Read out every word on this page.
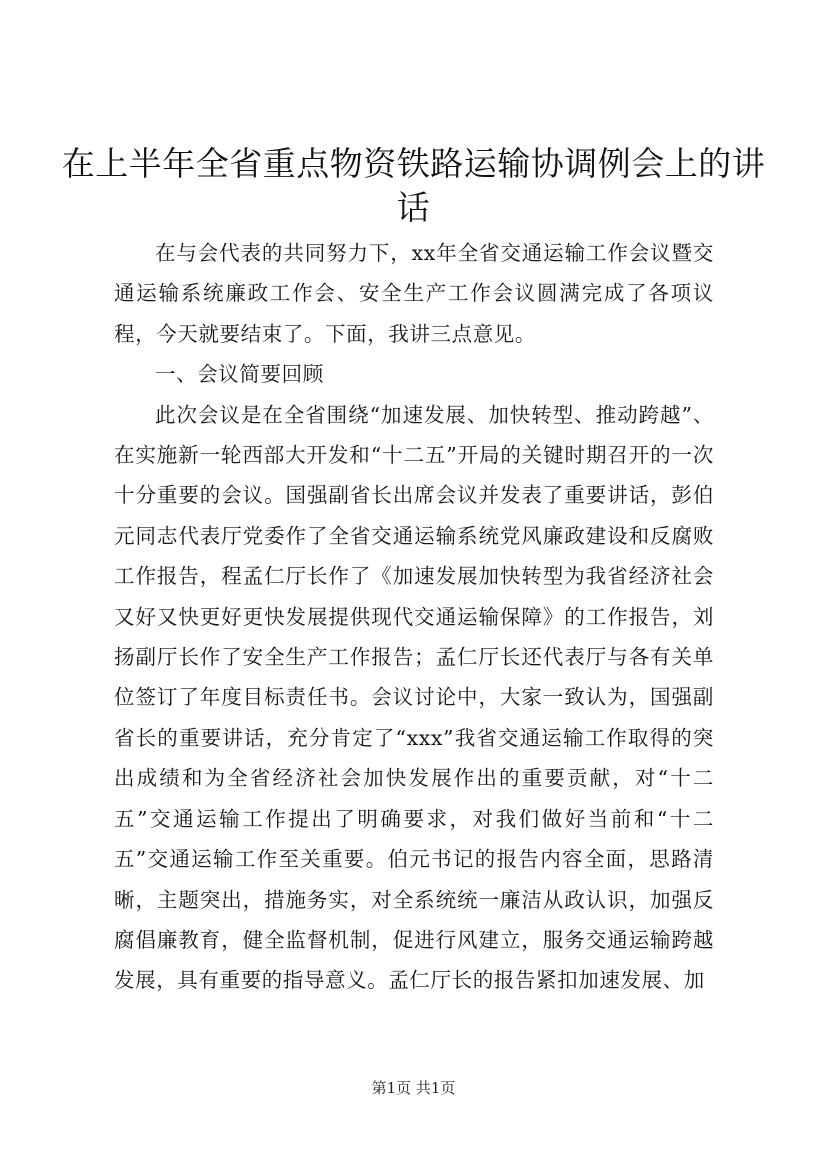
在上半年全省重点物资铁路运输协调例会上的讲话

在与会代表的共同努力下，xx年全省交通运输工作会议暨交通运输系统廉政工作会、安全生产工作会议圆满完成了各项议程，今天就要结束了。下面，我讲三点意见。

一、会议简要回顾

此次会议是在全省围绕“加速发展、加快转型、推动跨越”、在实施新一轮西部大开发和“十二五”开局的关键时期召开的一次十分重要的会议。国强副省长出席会议并发表了重要讲话，彭伯元同志代表厅党委作了全省交通运输系统党风廉政建设和反腐败工作报告，程孟仁厅长作了《加速发展加快转型为我省经济社会又好又快更好更快发展提供现代交通运输保障》的工作报告，刘扬副厅长作了安全生产工作报告；孟仁厅长还代表厅与各有关单位签订了年度目标责任书。会议讨论中，大家一致认为，国强副省长的重要讲话，充分肯定了“xxx”我省交通运输工作取得的突出成绩和为全省经济社会加快发展作出的重要贡献，对“十二五”交通运输工作提出了明确要求，对我们做好当前和“十二五”交通运输工作至关重要。伯元书记的报告内容全面，思路清晰，主题突出，措施务实，对全系统统一廉洁从政认识，加强反腐倡廉教育，健全监督机制，促进行风建立，服务交通运输跨越发展，具有重要的指导意义。孟仁厅长的报告紧扣加速发展、加

第1页 共1页
